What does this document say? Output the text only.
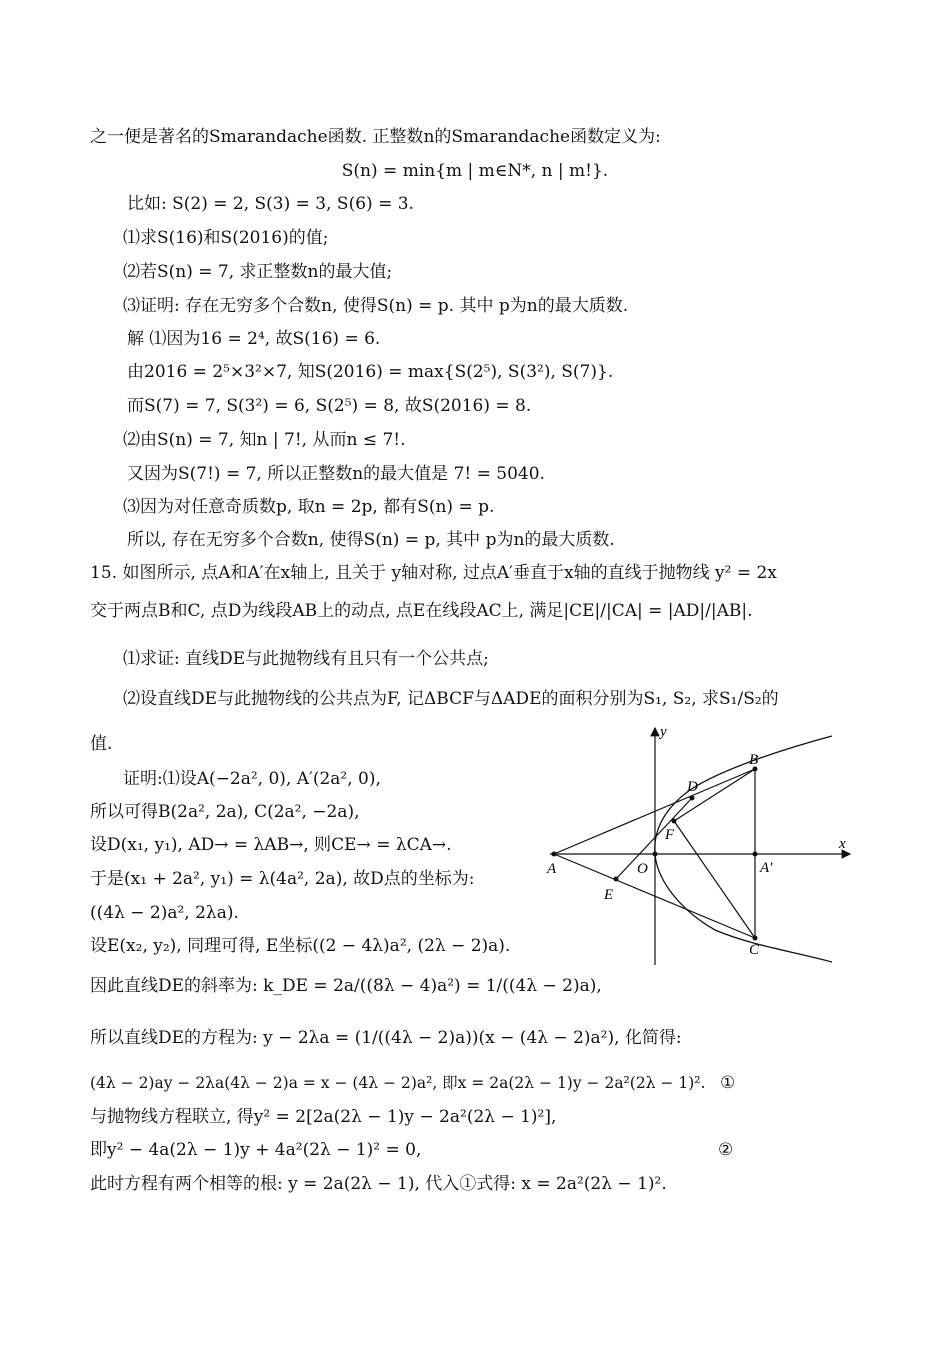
之一便是著名的Smarandache函数. 正整数n的Smarandache函数定义为:
S(n) = min{m | m∈N*, n | m!}.
比如: S(2) = 2, S(3) = 3, S(6) = 3.
⑴求S(16)和S(2016)的值;
⑵若S(n) = 7, 求正整数n的最大值;
⑶证明: 存在无穷多个合数n, 使得S(n) = p. 其中 p为n的最大质数.
解 ⑴因为16 = 2⁴, 故S(16) = 6.
由2016 = 2⁵×3²×7, 知S(2016) = max{S(2⁵), S(3²), S(7)}.
而S(7) = 7, S(3²) = 6, S(2⁵) = 8, 故S(2016) = 8.
⑵由S(n) = 7, 知n | 7!, 从而n ≤ 7!.
又因为S(7!) = 7, 所以正整数n的最大值是 7! = 5040.
⑶因为对任意奇质数p, 取n = 2p, 都有S(n) = p.
所以, 存在无穷多个合数n, 使得S(n) = p, 其中 p为n的最大质数.
15. 如图所示, 点A和A′在x轴上, 且关于 y轴对称, 过点A′垂直于x轴的直线于抛物线 y² = 2x
交于两点B和C, 点D为线段AB上的动点, 点E在线段AC上, 满足|CE|/|CA| = |AD|/|AB|.
⑴求证: 直线DE与此抛物线有且只有一个公共点;
⑵设直线DE与此抛物线的公共点为F, 记ΔBCF与ΔADE的面积分别为S₁, S₂, 求S₁/S₂的
值.
证明:⑴设A(−2a², 0), A′(2a², 0),
所以可得B(2a², 2a), C(2a², −2a),
设D(x₁, y₁), AD→ = λAB→, 则CE→ = λCA→.
于是(x₁ + 2a², y₁) = λ(4a², 2a), 故D点的坐标为:
((4λ − 2)a², 2λa).
设E(x₂, y₂), 同理可得, E坐标((2 − 4λ)a², (2λ − 2)a).
因此直线DE的斜率为: k_DE = 2a/((8λ − 4)a²) = 1/((4λ − 2)a),
所以直线DE的方程为: y − 2λa = (1/((4λ − 2)a))(x − (4λ − 2)a²), 化简得:
(4λ − 2)ay − 2λa(4λ − 2)a = x − (4λ − 2)a², 即x = 2a(2λ − 1)y − 2a²(2λ − 1)². ①
与抛物线方程联立, 得y² = 2[2a(2λ − 1)y − 2a²(2λ − 1)²],
即y² − 4a(2λ − 1)y + 4a²(2λ − 1)² = 0,	②
此时方程有两个相等的根: y = 2a(2λ − 1), 代入①式得: x = 2a²(2λ − 1)².
y
x
A	A′
B
C
D
E
F
O
